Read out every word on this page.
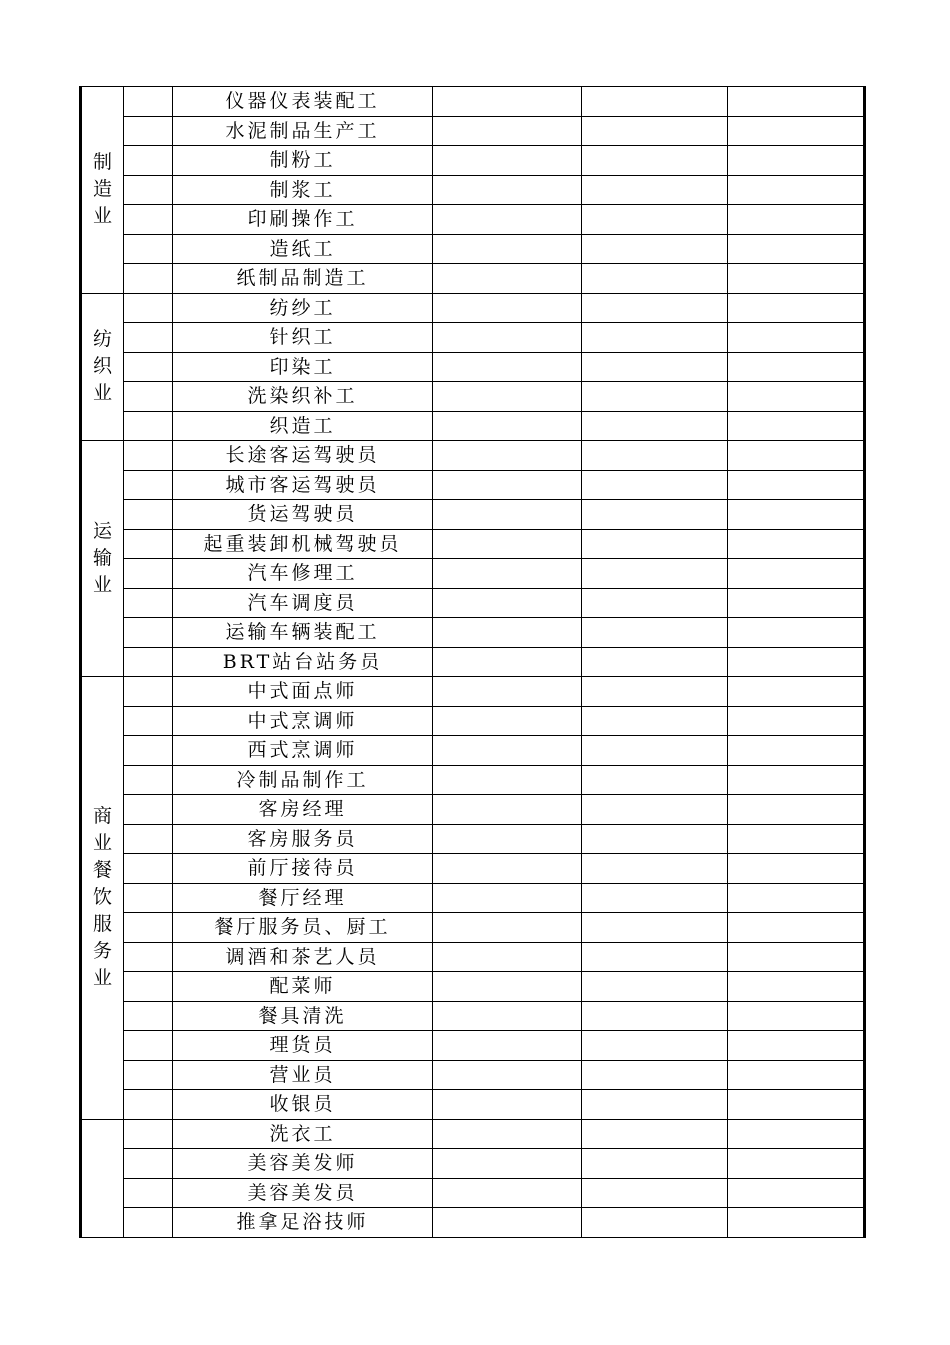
制造业		仪器仪表装配工			
		水泥制品生产工			
		制粉工			
		制浆工			
		印刷操作工			
		造纸工			
		纸制品制造工			
纺织业		纺纱工			
		针织工			
		印染工			
		洗染织补工			
		织造工			
运输业		长途客运驾驶员			
		城市客运驾驶员			
		货运驾驶员			
		起重装卸机械驾驶员			
		汽车修理工			
		汽车调度员			
		运输车辆装配工			
		BRT站台站务员			
商业餐饮服务业		中式面点师			
		中式烹调师			
		西式烹调师			
		冷制品制作工			
		客房经理			
		客房服务员			
		前厅接待员			
		餐厅经理			
		餐厅服务员、厨工			
		调酒和茶艺人员			
		配菜师			
		餐具清洗			
		理货员			
		营业员			
		收银员			
		洗衣工			
		美容美发师			
		美容美发员			
		推拿足浴技师			
